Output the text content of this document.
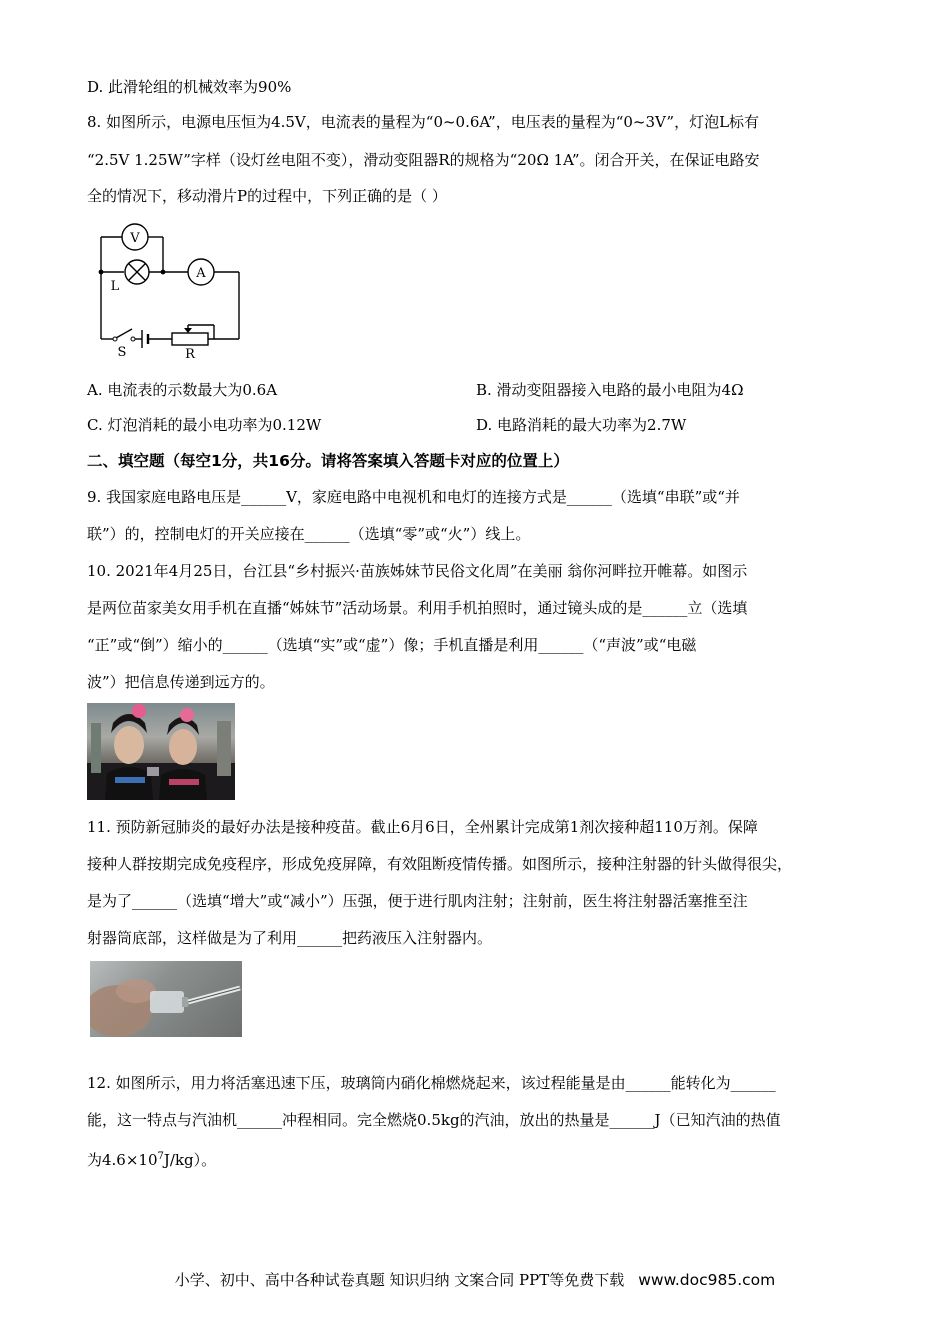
D. 此滑轮组的机械效率为90%
8. 如图所示，电源电压恒为4.5V，电流表的量程为“0~0.6A”，电压表的量程为“0~3V”，灯泡L标有
“2.5V 1.25W”字样（设灯丝电阻不变），滑动变阻器R的规格为“20Ω 1A”。闭合开关，在保证电路安
全的情况下，移动滑片P的过程中，下列正确的是（ ）
V
A
L
S	R
A. 电流表的示数最大为0.6A	B. 滑动变阻器接入电路的最小电阻为4Ω
C. 灯泡消耗的最小电功率为0.12W	D. 电路消耗的最大功率为2.7W
二、填空题（每空1分，共16分。请将答案填入答题卡对应的位置上）
9. 我国家庭电路电压是______V，家庭电路中电视机和电灯的连接方式是______（选填“串联”或“并
联”）的，控制电灯的开关应接在______（选填“零”或“火”）线上。
10. 2021年4月25日，台江县“乡村振兴·苗族姊妹节民俗文化周”在美丽 翁你河畔拉开帷幕。如图示
是两位苗家美女用手机在直播“姊妹节”活动场景。利用手机拍照时，通过镜头成的是______立（选填
“正”或“倒”）缩小的______（选填“实”或“虚”）像；手机直播是利用______（“声波”或“电磁
波”）把信息传递到远方的。
11. 预防新冠肺炎的最好办法是接种疫苗。截止6月6日，全州累计完成第1剂次接种超110万剂。保障
接种人群按期完成免疫程序，形成免疫屏障，有效阻断疫情传播。如图所示，接种注射器的针头做得很尖，
是为了______（选填“增大”或“减小”）压强，便于进行肌肉注射；注射前，医生将注射器活塞推至注
射器筒底部，这样做是为了利用______把药液压入注射器内。
12. 如图所示，用力将活塞迅速下压，玻璃筒内硝化棉燃烧起来，该过程能量是由______能转化为______
能，这一特点与汽油机______冲程相同。完全燃烧0.5kg的汽油，放出的热量是______J（已知汽油的热值
为$4.6\times 10^7J/kg$）。
小学、初中、高中各种试卷真题 知识归纳 文案合同 PPT等免费下载 www.doc985.com
